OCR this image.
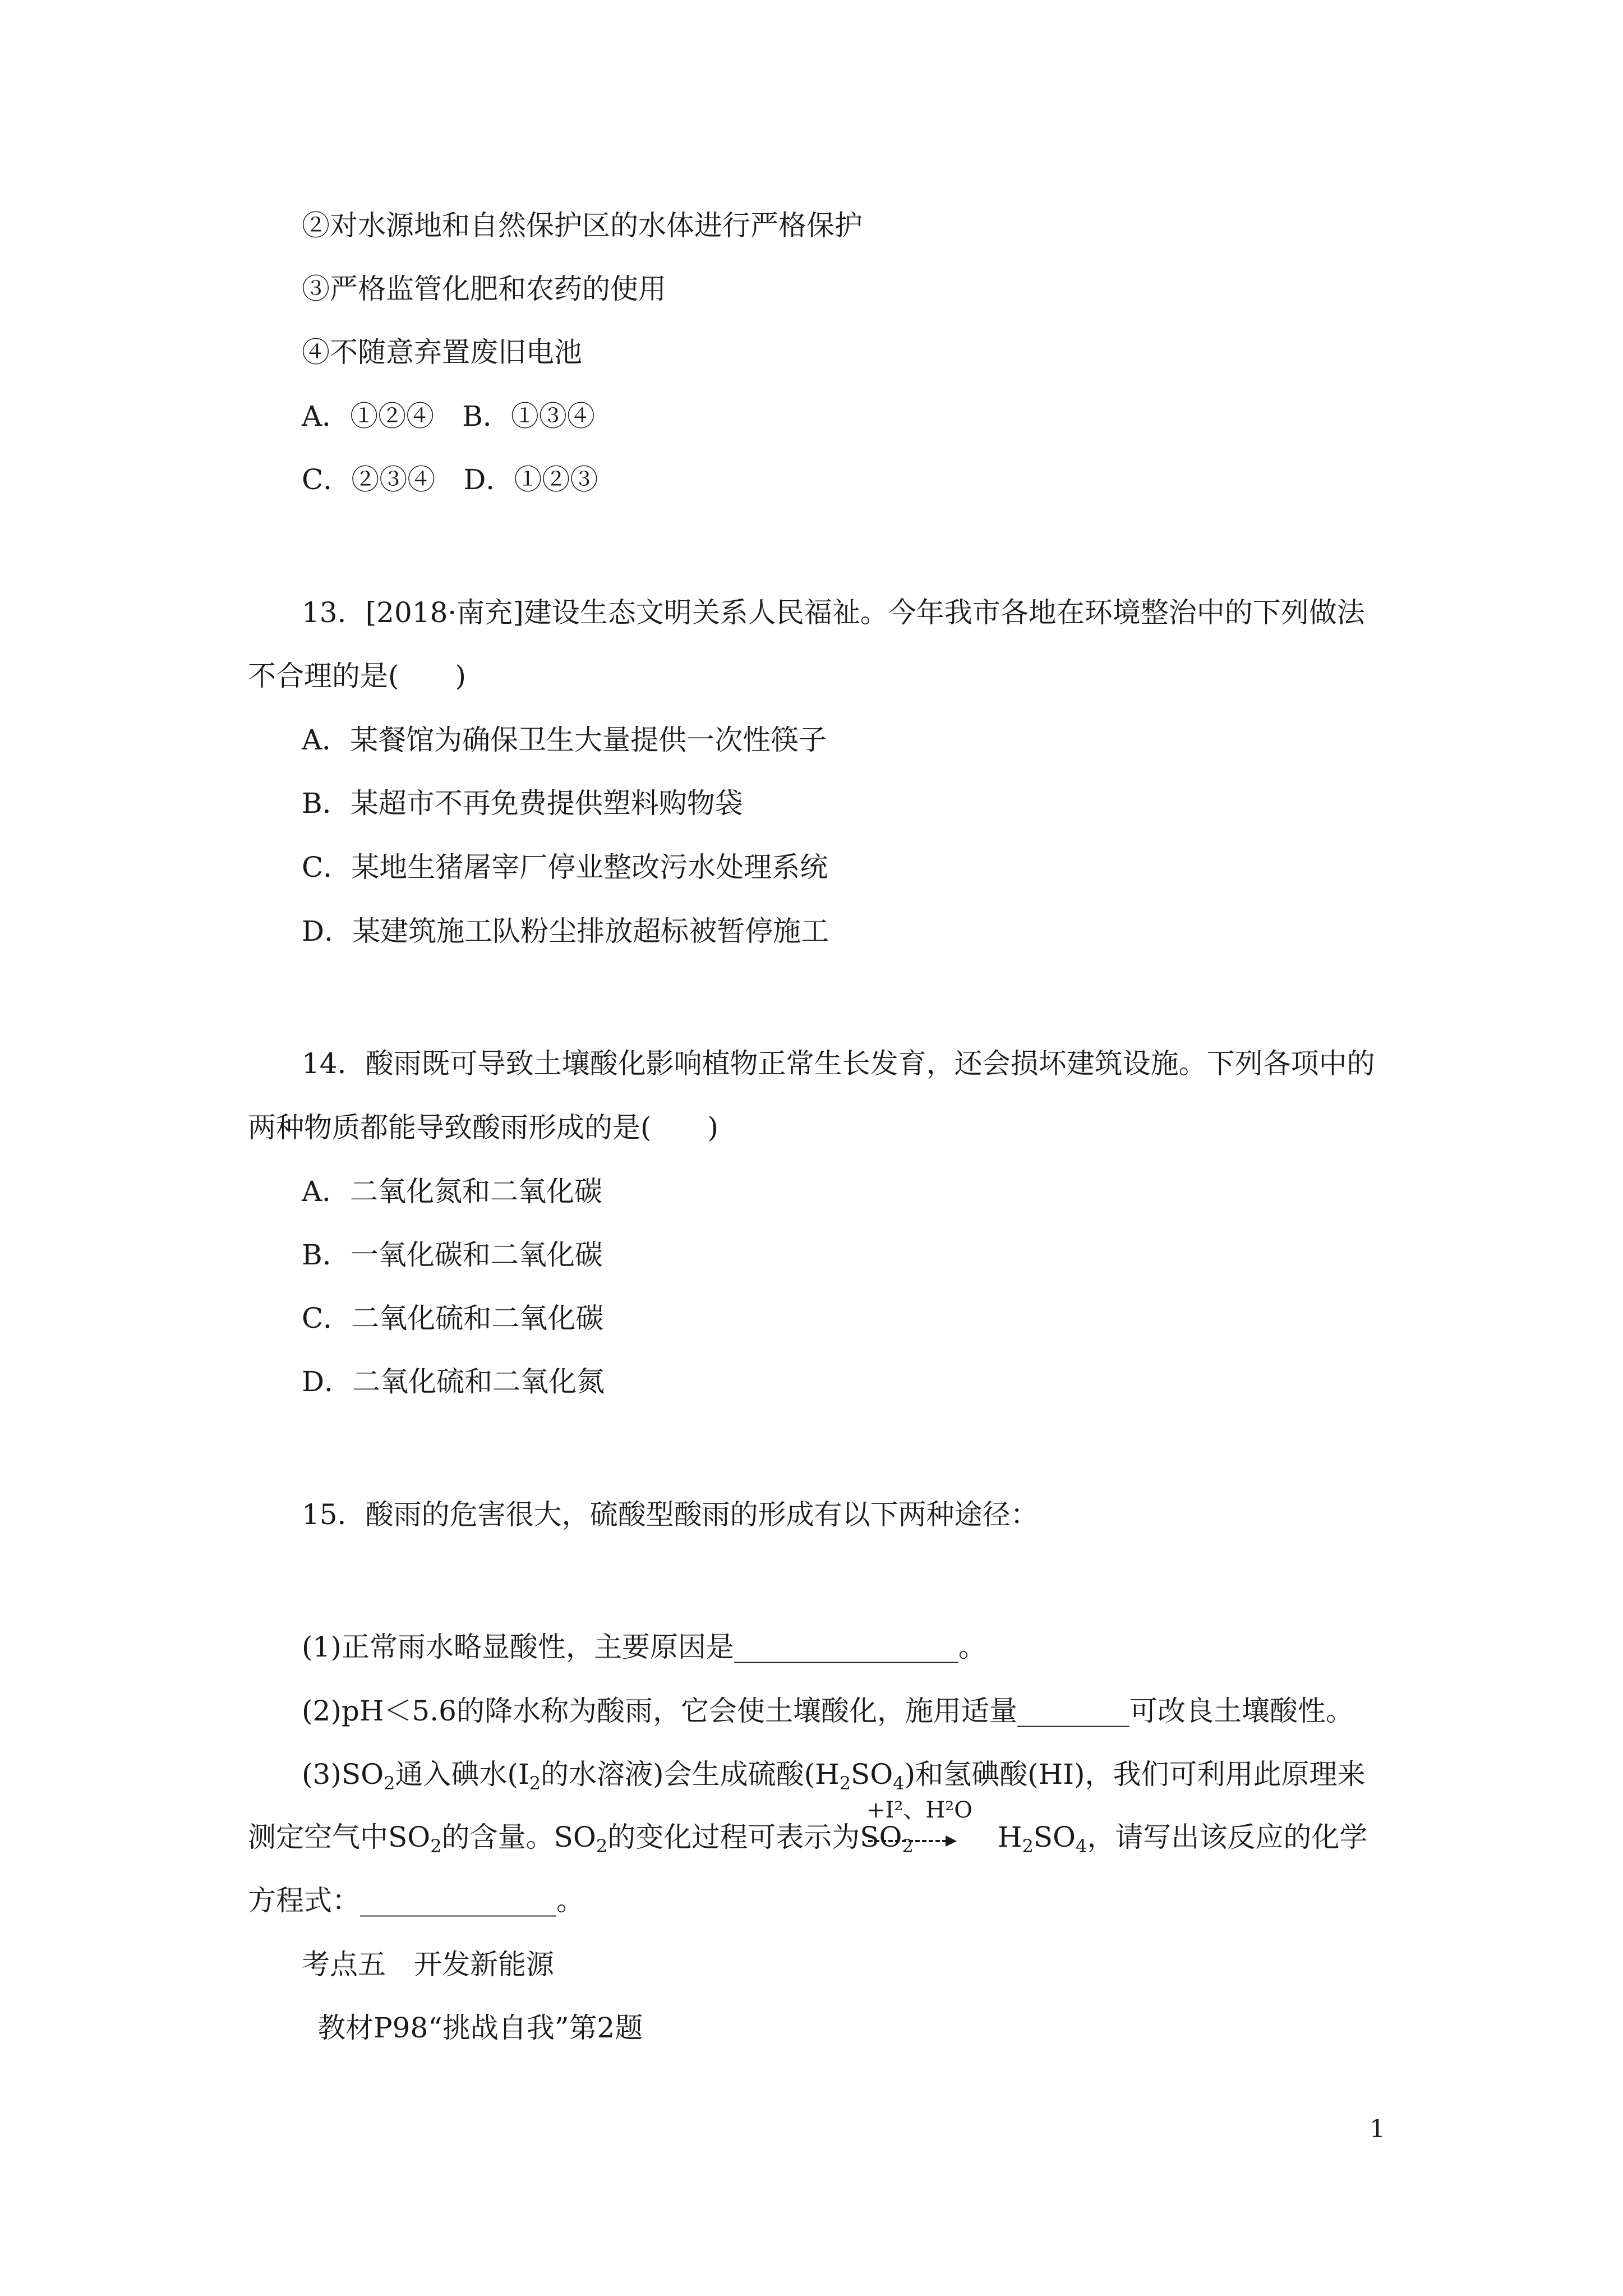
②对水源地和自然保护区的水体进行严格保护
③严格监管化肥和农药的使用
④不随意弃置废旧电池
A．①②④　B．①③④
C．②③④　D．①②③
13．[2018·南充]建设生态文明关系人民福祉。今年我市各地在环境整治中的下列做法
不合理的是(　　)
A．某餐馆为确保卫生大量提供一次性筷子
B．某超市不再免费提供塑料购物袋
C．某地生猪屠宰厂停业整改污水处理系统
D．某建筑施工队粉尘排放超标被暂停施工
14．酸雨既可导致土壤酸化影响植物正常生长发育，还会损坏建筑设施。下列各项中的
两种物质都能导致酸雨形成的是(　　)
A．二氧化氮和二氧化碳
B．一氧化碳和二氧化碳
C．二氧化硫和二氧化碳
D．二氧化硫和二氧化氮
15．酸雨的危害很大，硫酸型酸雨的形成有以下两种途径：
(1)正常雨水略显酸性，主要原因是________________。
(2)pH＜5.6的降水称为酸雨，它会使土壤酸化，施用适量________可改良土壤酸性。
$(3)SO_2$通入碘水($I_2$的水溶液)会生成硫酸$(H_2SO_4)$和氢碘酸(HI)，我们可利用此原理来
测定空气中$SO_2$的含量。$SO_2$的变化过程可表示为$SO_2$	$H_2SO_4$，请写出该反应的化学
+I²、H²O
方程式：______________。
考点五　开发新能源
教材P98“挑战自我”第2题
1
